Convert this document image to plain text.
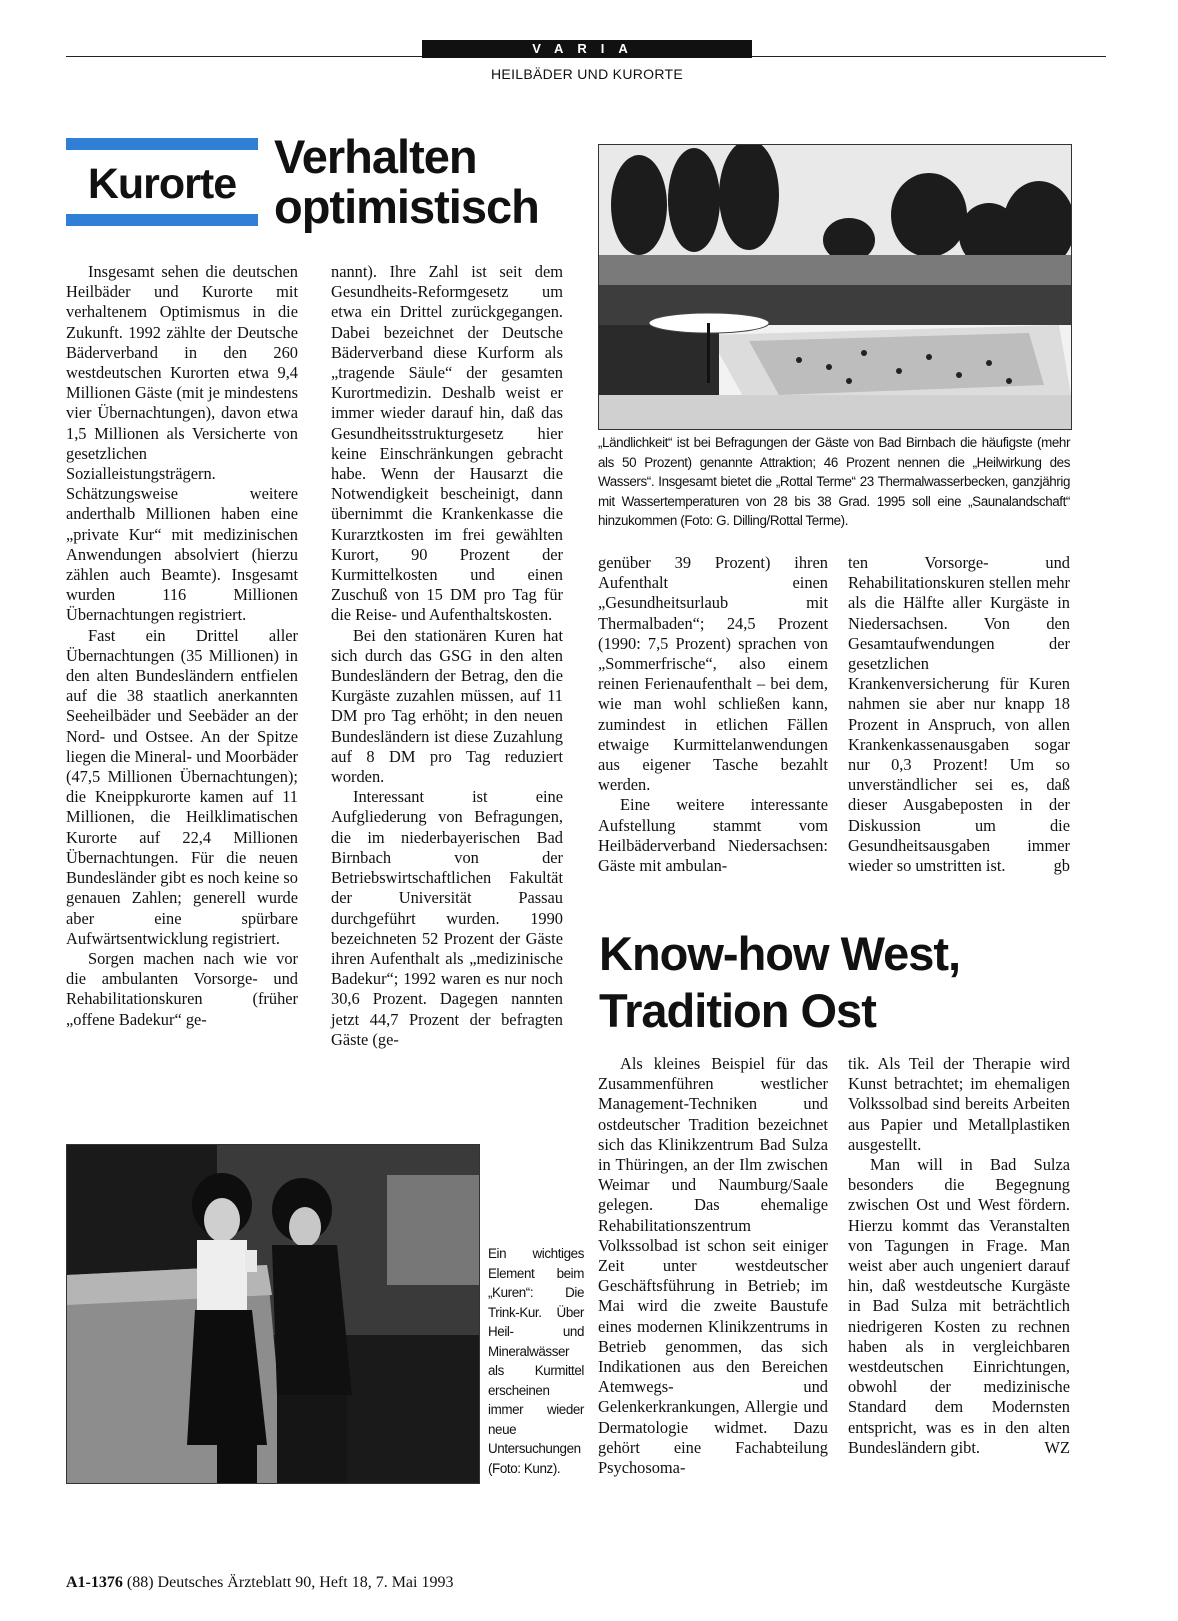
VARIA
HEILBÄDER UND KURORTE
Kurorte
Verhalten
optimistisch
„Ländlichkeit“ ist bei Befragungen der Gäste von Bad Birnbach die häufigste (mehr als 50 Prozent) genannte Attraktion; 46 Prozent nennen die „Heilwirkung des Wassers“. Insgesamt bietet die „Rottal Terme“ 23 Thermalwasserbecken, ganzjährig mit Wassertemperaturen von 28 bis 38 Grad. 1995 soll eine „Saunalandschaft“ hinzukommen (Foto: G. Dilling/Rottal Terme).

Insgesamt sehen die deutschen Heilbäder und Kurorte mit verhaltenem Optimismus in die Zukunft. 1992 zählte der Deutsche Bäderverband in den 260 westdeutschen Kurorten etwa 9,4 Millionen Gäste (mit je mindestens vier Übernachtungen), davon etwa 1,5 Millionen als Versicherte von gesetzlichen Sozialleistungsträgern. Schätzungsweise weitere anderthalb Millionen haben eine „private Kur“ mit medizinischen Anwendungen absolviert (hierzu zählen auch Beamte). Insgesamt wurden 116 Millionen Übernachtungen registriert.

Fast ein Drittel aller Übernachtungen (35 Millionen) in den alten Bundesländern entfielen auf die 38 staatlich anerkannten Seeheilbäder und Seebäder an der Nord- und Ostsee. An der Spitze liegen die Mineral- und Moorbäder (47,5 Millionen Übernachtungen); die Kneippkurorte kamen auf 11 Millionen, die Heilklimatischen Kurorte auf 22,4 Millionen Übernachtungen. Für die neuen Bundesländer gibt es noch keine so genauen Zahlen; generell wurde aber eine spürbare Aufwärtsentwicklung registriert.

Sorgen machen nach wie vor die ambulanten Vorsorge- und Rehabilitationskuren (früher „offene Badekur“ ge-

nannt). Ihre Zahl ist seit dem Gesundheits-Reformgesetz um etwa ein Drittel zurückgegangen. Dabei bezeichnet der Deutsche Bäderverband diese Kurform als „tragende Säule“ der gesamten Kurortmedizin. Deshalb weist er immer wieder darauf hin, daß das Gesundheitsstrukturgesetz hier keine Einschränkungen gebracht habe. Wenn der Hausarzt die Notwendigkeit bescheinigt, dann übernimmt die Krankenkasse die Kurarztkosten im frei gewählten Kurort, 90 Prozent der Kurmittelkosten und einen Zuschuß von 15 DM pro Tag für die Reise- und Aufenthaltskosten.

Bei den stationären Kuren hat sich durch das GSG in den alten Bundesländern der Betrag, den die Kurgäste zuzahlen müssen, auf 11 DM pro Tag erhöht; in den neuen Bundesländern ist diese Zuzahlung auf 8 DM pro Tag reduziert worden.

Interessant ist eine Aufgliederung von Befragungen, die im niederbayerischen Bad Birnbach von der Betriebswirtschaftlichen Fakultät der Universität Passau durchgeführt wurden. 1990 bezeichneten 52 Prozent der Gäste ihren Aufenthalt als „medizinische Badekur“; 1992 waren es nur noch 30,6 Prozent. Dagegen nannten jetzt 44,7 Prozent der befragten Gäste (ge-

genüber 39 Prozent) ihren Aufenthalt einen „Gesundheitsurlaub mit Thermalbaden“; 24,5 Prozent (1990: 7,5 Prozent) sprachen von „Sommerfrische“, also einem reinen Ferienaufenthalt – bei dem, wie man wohl schließen kann, zumindest in etlichen Fällen etwaige Kurmittelanwendungen aus eigener Tasche bezahlt werden.

Eine weitere interessante Aufstellung stammt vom Heilbäderverband Niedersachsen: Gäste mit ambulan-

ten Vorsorge- und Rehabilitationskuren stellen mehr als die Hälfte aller Kurgäste in Niedersachsen. Von den Gesamtaufwendungen der gesetzlichen Krankenversicherung für Kuren nahmen sie aber nur knapp 18 Prozent in Anspruch, von allen Krankenkassenausgaben sogar nur 0,3 Prozent! Um so unverständlicher sei es, daß dieser Ausgabeposten in der Diskussion um die Gesundheitsausgaben immer wieder so umstritten ist.	gb

Ein wichtiges Element beim „Kuren“: Die Trink-Kur. Über Heil- und Mineralwässer als Kurmittel erscheinen immer wieder neue Untersuchungen (Foto: Kunz).
Know-how West,
Tradition Ost

Als kleines Beispiel für das Zusammenführen westlicher Management-Techniken und ostdeutscher Tradition bezeichnet sich das Klinikzentrum Bad Sulza in Thüringen, an der Ilm zwischen Weimar und Naumburg/Saale gelegen. Das ehemalige Rehabilitationszentrum Volkssolbad ist schon seit einiger Zeit unter westdeutscher Geschäftsführung in Betrieb; im Mai wird die zweite Baustufe eines modernen Klinikzentrums in Betrieb genommen, das sich Indikationen aus den Bereichen Atemwegs- und Gelenkerkrankungen, Allergie und Dermatologie widmet. Dazu gehört eine Fachabteilung Psychosoma-

tik. Als Teil der Therapie wird Kunst betrachtet; im ehemaligen Volkssolbad sind bereits Arbeiten aus Papier und Metallplastiken ausgestellt.

Man will in Bad Sulza besonders die Begegnung zwischen Ost und West fördern. Hierzu kommt das Veranstalten von Tagungen in Frage. Man weist aber auch ungeniert darauf hin, daß westdeutsche Kurgäste in Bad Sulza mit beträchtlich niedrigeren Kosten zu rechnen haben als in vergleichbaren westdeutschen Einrichtungen, obwohl der medizinische Standard dem Modernsten entspricht, was es in den alten Bundesländern gibt.	WZ

A1-1376 (88) Deutsches Ärzteblatt 90, Heft 18, 7. Mai 1993
